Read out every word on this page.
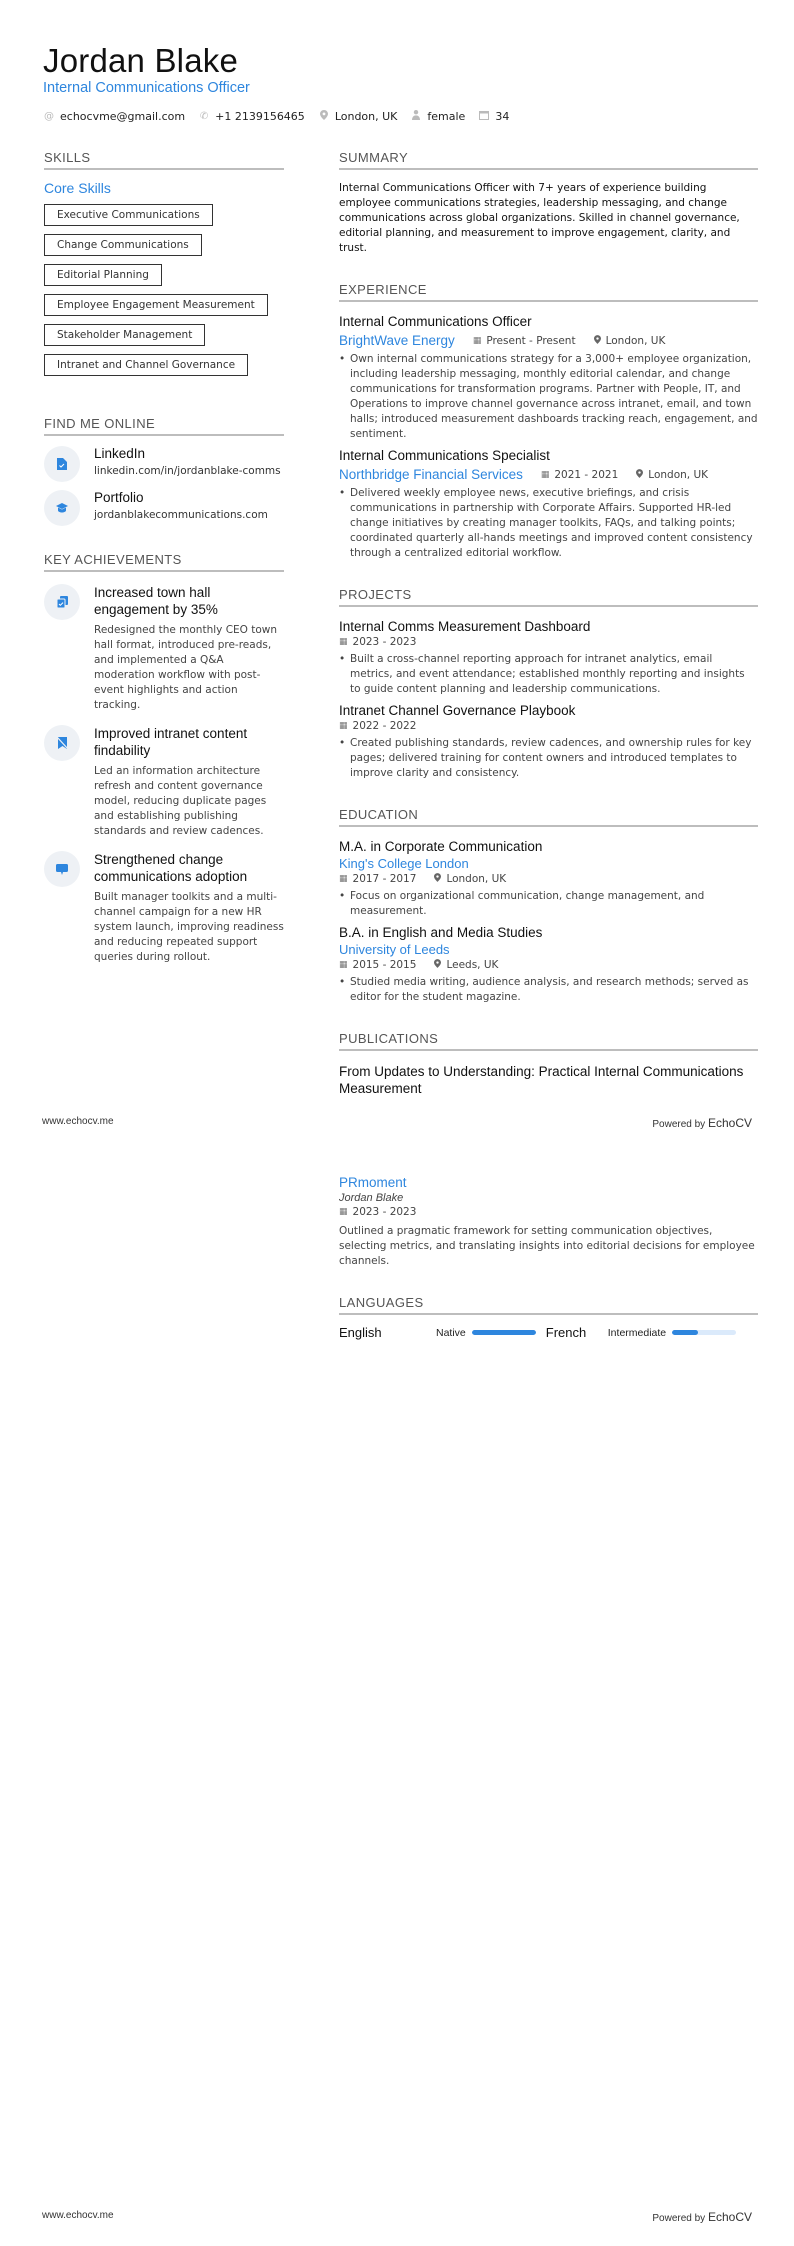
Jordan Blake
Internal Communications Officer
@ echocvme@gmail.com ✆ +1 2139156465	London, UK	female	34
SKILLS
Core Skills
Executive Communications
Change Communications
Editorial Planning
Employee Engagement Measurement
Stakeholder Management
Intranet and Channel Governance
FIND ME ONLINE
LinkedIn
linkedin.com/in/jordanblake-comms
Portfolio
jordanblakecommunications.com
KEY ACHIEVEMENTS
Increased town hall engagement by 35%
Redesigned the monthly CEO town hall format, introduced pre-reads, and implemented a Q&A moderation workflow with post-event highlights and action tracking.
Improved intranet content findability
Led an information architecture refresh and content governance model, reducing duplicate pages and establishing publishing standards and review cadences.
Strengthened change communications adoption
Built manager toolkits and a multi-channel campaign for a new HR system launch, improving readiness and reducing repeated support queries during rollout.
SUMMARY
Internal Communications Officer with 7+ years of experience building employee communications strategies, leadership messaging, and change communications across global organizations. Skilled in channel governance, editorial planning, and measurement to improve engagement, clarity, and trust.
EXPERIENCE
Internal Communications Officer
BrightWave Energy ▦ Present - Present	London, UK
• Own internal communications strategy for a 3,000+ employee organization, including leadership messaging, monthly editorial calendar, and change communications for transformation programs. Partner with People, IT, and Operations to improve channel governance across intranet, email, and town halls; introduced measurement dashboards tracking reach, engagement, and sentiment.
Internal Communications Specialist
Northbridge Financial Services ▦ 2021 - 2021	London, UK
• Delivered weekly employee news, executive briefings, and crisis communications in partnership with Corporate Affairs. Supported HR-led change initiatives by creating manager toolkits, FAQs, and talking points; coordinated quarterly all-hands meetings and improved content consistency through a centralized editorial workflow.
PROJECTS
Internal Comms Measurement Dashboard
▦ 2023 - 2023
• Built a cross-channel reporting approach for intranet analytics, email metrics, and event attendance; established monthly reporting and insights to guide content planning and leadership communications.
Intranet Channel Governance Playbook
▦ 2022 - 2022
• Created publishing standards, review cadences, and ownership rules for key pages; delivered training for content owners and introduced templates to improve clarity and consistency.
EDUCATION
M.A. in Corporate Communication
King's College London
▦ 2017 - 2017	London, UK
• Focus on organizational communication, change management, and measurement.
B.A. in English and Media Studies
University of Leeds
▦ 2015 - 2015	Leeds, UK
• Studied media writing, audience analysis, and research methods; served as editor for the student magazine.
PUBLICATIONS
From Updates to Understanding: Practical Internal Communications Measurement
www.echocv.me	Powered by EchoCV
PRmoment
Jordan Blake
▦ 2023 - 2023
Outlined a pragmatic framework for setting communication objectives, selecting metrics, and translating insights into editorial decisions for employee channels.
LANGUAGES
English	Native	French	Intermediate
www.echocv.me	Powered by EchoCV
